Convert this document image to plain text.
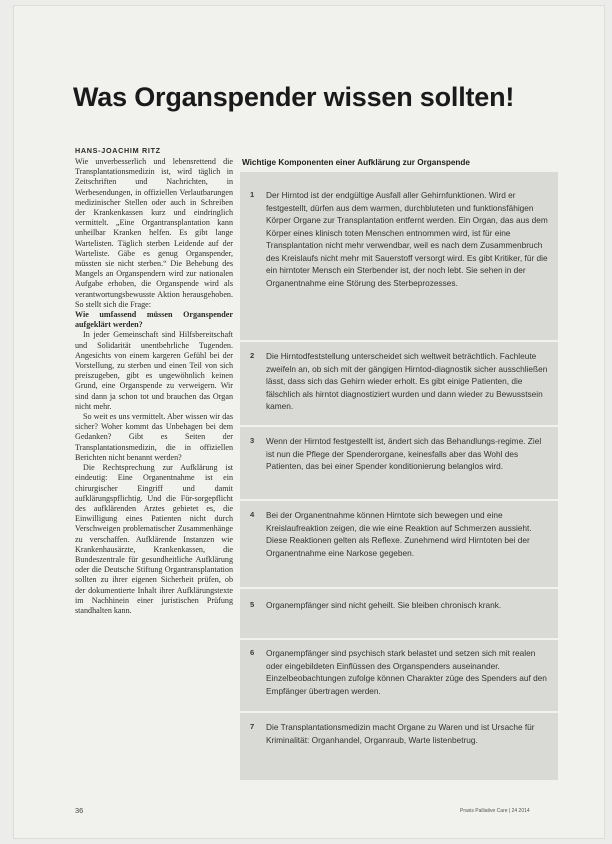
Was Organspender wissen sollten!
HANS-JOACHIM RITZ

Wie unverbesserlich und lebensrettend die Transplantationsmedizin ist, wird täglich in Zeitschriften und Nachrichten, in Werbesendungen, in offiziellen Verlautbarungen medizinischer Stellen oder auch in Schreiben der Krankenkassen kurz und eindringlich vermittelt. „Eine Organtransplantation kann unheilbar Kranken helfen. Es gibt lange Wartelisten. Täglich sterben Leidende auf der Warteliste. Gäbe es genug Organspender, müssten sie nicht sterben.“ Die Behebung des Mangels an Organspendern wird zur nationalen Aufgabe erhoben, die Organspende wird als verantwortungsbewusste Aktion herausgehoben. So stellt sich die Frage:

Wie umfassend müssen Organspender aufgeklärt werden?

In jeder Gemeinschaft sind Hilfsbereitschaft und Solidarität unentbehrliche Tugenden. Angesichts von einem kargeren Gefühl bei der Vorstellung, zu sterben und einen Teil von sich preiszugeben, gibt es ungewöhnlich keinen Grund, eine Organspende zu verweigern. Wir sind dann ja schon tot und brauchen das Organ nicht mehr.

So weit es uns vermittelt. Aber wissen wir das sicher? Woher kommt das Unbehagen bei dem Gedanken? Gibt es Seiten der Transplantationsmedizin, die in offiziellen Berichten nicht benannt werden?

Die Rechtsprechung zur Aufklärung ist eindeutig: Eine Organentnahme ist ein chirurgischer Eingriff und damit aufklärungspflichtig. Und die Für-sorgepflicht des aufklärenden Arztes gebietet es, die Einwilligung eines Patienten nicht durch Verschweigen problematischer Zusammenhänge zu verschaffen. Aufklärende Instanzen wie Krankenhausärzte, Krankenkassen, die Bundeszentrale für gesundheitliche Aufklärung oder die Deutsche Stiftung Organtransplantation sollten zu ihrer eigenen Sicherheit prüfen, ob der dokumentierte Inhalt ihrer Aufklärungstexte im Nachhinein einer juristischen Prüfung standhalten kann.

Wichtige Komponenten einer Aufklärung zur Organspende
1 Der Hirntod ist der endgültige Ausfall aller Gehirnfunktionen. Wird er festgestellt, dürfen aus dem warmen, durchbluteten und funktionsfähigen Körper Organe zur Transplantation entfernt werden. Ein Organ, das aus dem Körper eines klinisch toten Menschen entnommen wird, ist für eine Transplantation nicht mehr verwendbar, weil es nach dem Zusammenbruch des Kreislaufs nicht mehr mit Sauerstoff versorgt wird. Es gibt Kritiker, für die ein hirntoter Mensch ein Sterbender ist, der noch lebt. Sie sehen in der Organentnahme eine Störung des Sterbeprozesses.
2 Die Hirntodfeststellung unterscheidet sich weltweit beträchtlich. Fachleute zweifeln an, ob sich mit der gängigen Hirntod-diagnostik sicher ausschließen lässt, dass sich das Gehirn wieder erholt. Es gibt einige Patienten, die fälschlich als hirntot diagnostiziert wurden und dann wieder zu Bewusstsein kamen.
3 Wenn der Hirntod festgestellt ist, ändert sich das Behandlungs-regime. Ziel ist nun die Pflege der Spenderorgane, keinesfalls aber das Wohl des Patienten, das bei einer Spender konditionierung belanglos wird.
4 Bei der Organentnahme können Hirntote sich bewegen und eine Kreislaufreaktion zeigen, die wie eine Reaktion auf Schmerzen aussieht. Diese Reaktionen gelten als Reflexe. Zunehmend wird Hirntoten bei der Organentnahme eine Narkose gegeben.
5 Organempfänger sind nicht geheilt. Sie bleiben chronisch krank.
6 Organempfänger sind psychisch stark belastet und setzen sich mit realen oder eingebildeten Einflüssen des Organspenders auseinander. Einzelbeobachtungen zufolge können Charakter züge des Spenders auf den Empfänger übertragen werden.
7 Die Transplantationsmedizin macht Organe zu Waren und ist Ursache für Kriminalität: Organhandel, Organraub, Warte listenbetrug.
36	Praxis Palliative Care | 24 2014
